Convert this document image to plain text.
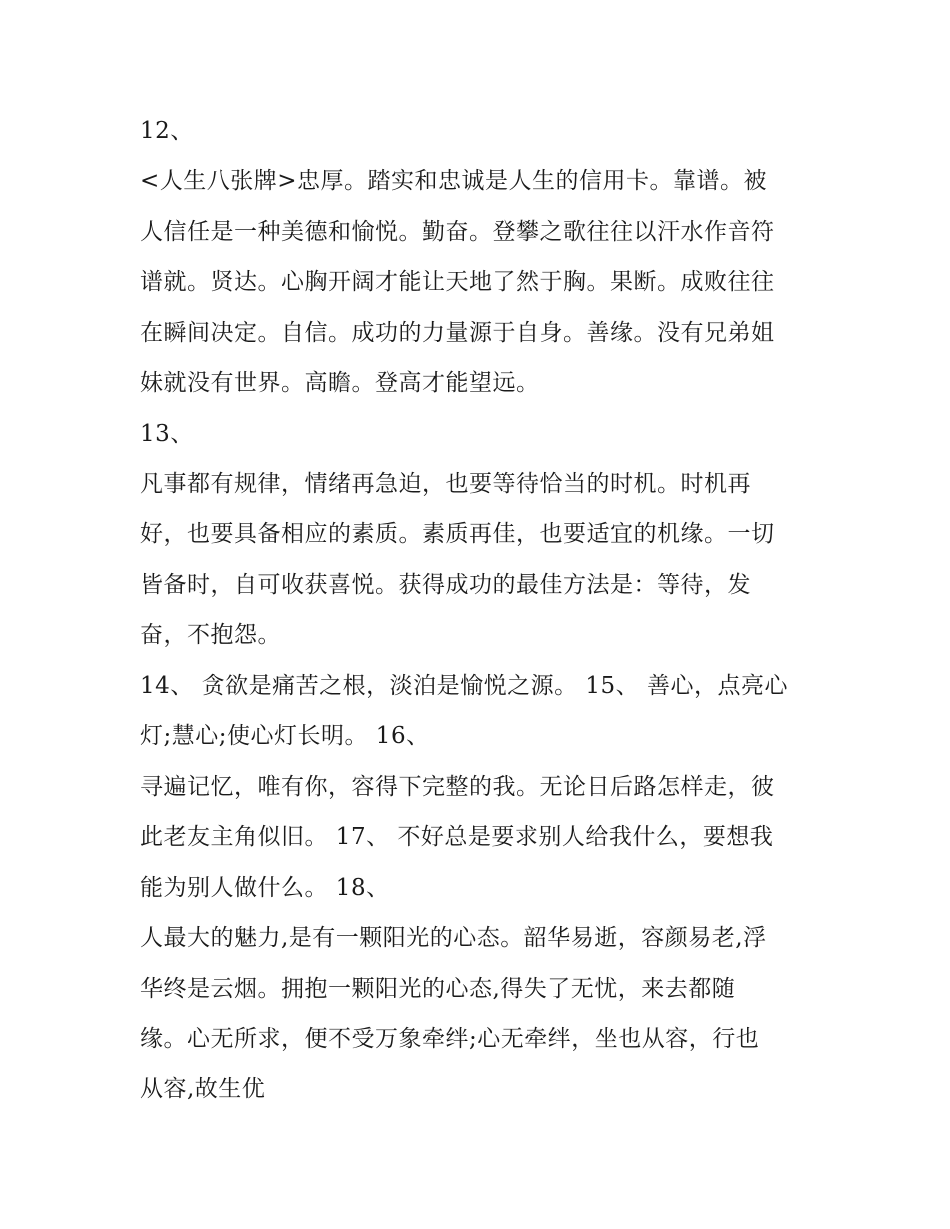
12、
<人生八张牌>忠厚。踏实和忠诚是人生的信用卡。靠谱。被
人信任是一种美德和愉悦。勤奋。登攀之歌往往以汗水作音符
谱就。贤达。心胸开阔才能让天地了然于胸。果断。成败往往
在瞬间决定。自信。成功的力量源于自身。善缘。没有兄弟姐
妹就没有世界。高瞻。登高才能望远。
13、
凡事都有规律，情绪再急迫，也要等待恰当的时机。时机再
好，也要具备相应的素质。素质再佳，也要适宜的机缘。一切
皆备时，自可收获喜悦。获得成功的最佳方法是：等待，发
奋，不抱怨。
14、 贪欲是痛苦之根，淡泊是愉悦之源。 15、 善心，点亮心
灯;慧心;使心灯长明。 16、
寻遍记忆，唯有你，容得下完整的我。无论日后路怎样走，彼
此老友主角似旧。 17、 不好总是要求别人给我什么，要想我
能为别人做什么。 18、
人最大的魅力,是有一颗阳光的心态。韶华易逝，容颜易老,浮
华终是云烟。拥抱一颗阳光的心态,得失了无忧，来去都随
缘。心无所求，便不受万象牵绊;心无牵绊，坐也从容，行也
从容,故生优
